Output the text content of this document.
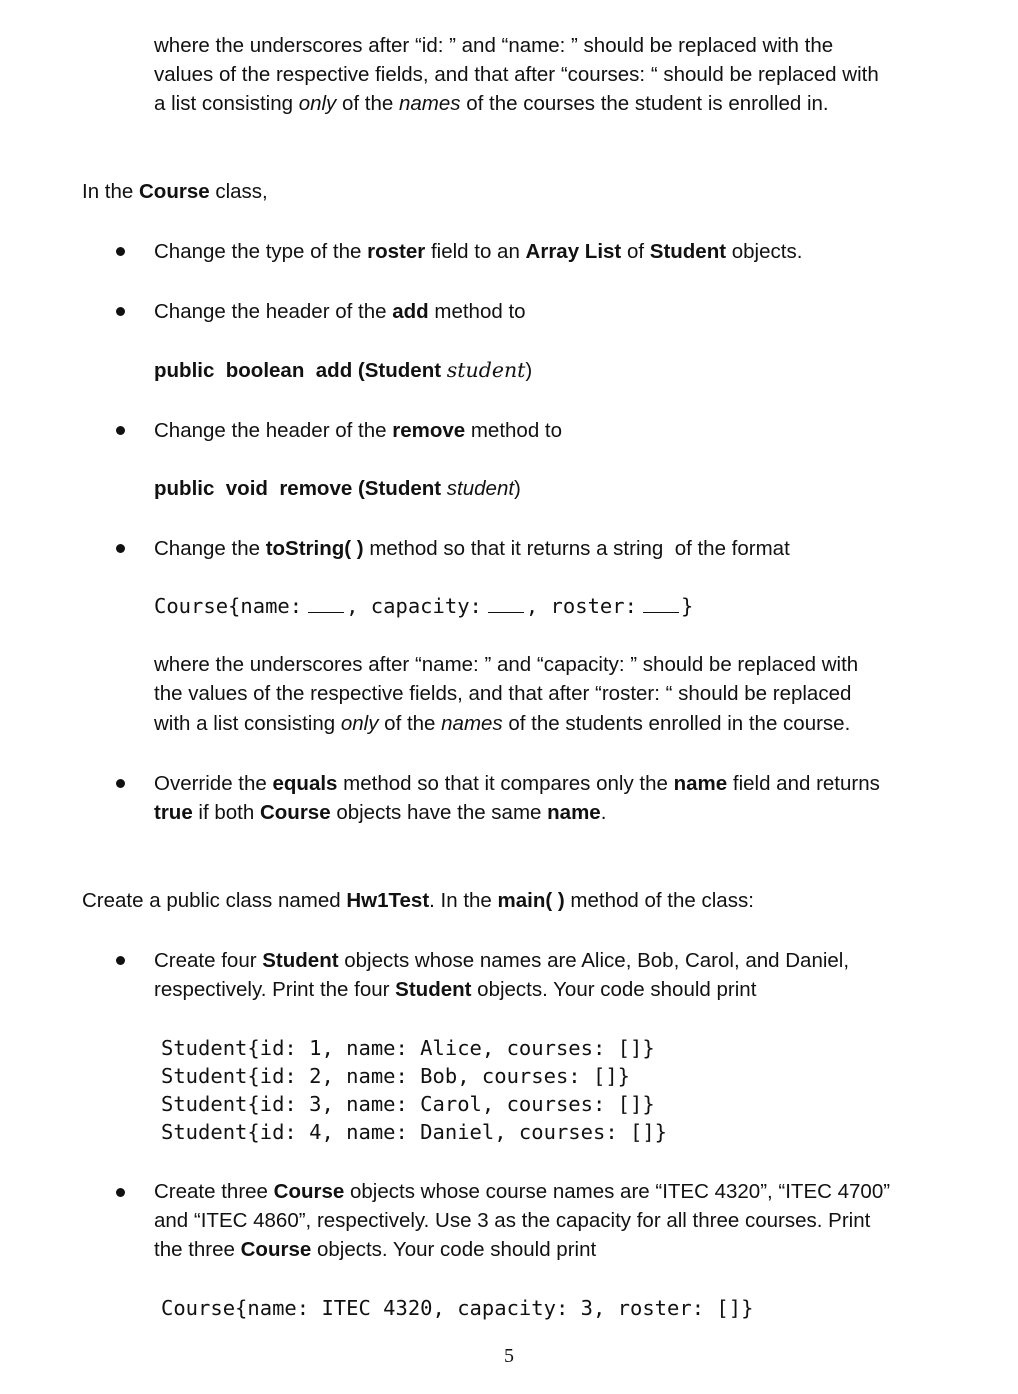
where the underscores after “id: ” and “name: ” should be replaced with the
values of the respective fields, and that after “courses: “ should be replaced with
a list consisting only of the names of the courses the student is enrolled in.
In the Course class,
Change the type of the roster field to an Array List of Student objects.
Change the header of the add method to
public boolean add (Student student)
Change the header of the remove method to
public void remove (Student student)
Change the toString( ) method so that it returns a string  of the format
Course{name: , capacity: , roster: }
where the underscores after “name: ” and “capacity: ” should be replaced with
the values of the respective fields, and that after “roster: “ should be replaced
with a list consisting only of the names of the students enrolled in the course.
Override the equals method so that it compares only the name field and returns
true if both Course objects have the same name.
Create a public class named Hw1Test. In the main( ) method of the class:
Create four Student objects whose names are Alice, Bob, Carol, and Daniel,
respectively. Print the four Student objects. Your code should print
Student{id: 1, name: Alice, courses: []}
Student{id: 2, name: Bob, courses: []}
Student{id: 3, name: Carol, courses: []}
Student{id: 4, name: Daniel, courses: []}
Create three Course objects whose course names are “ITEC 4320”, “ITEC 4700”
and “ITEC 4860”, respectively. Use 3 as the capacity for all three courses. Print
the three Course objects. Your code should print
Course{name: ITEC 4320, capacity: 3, roster: []}
5
